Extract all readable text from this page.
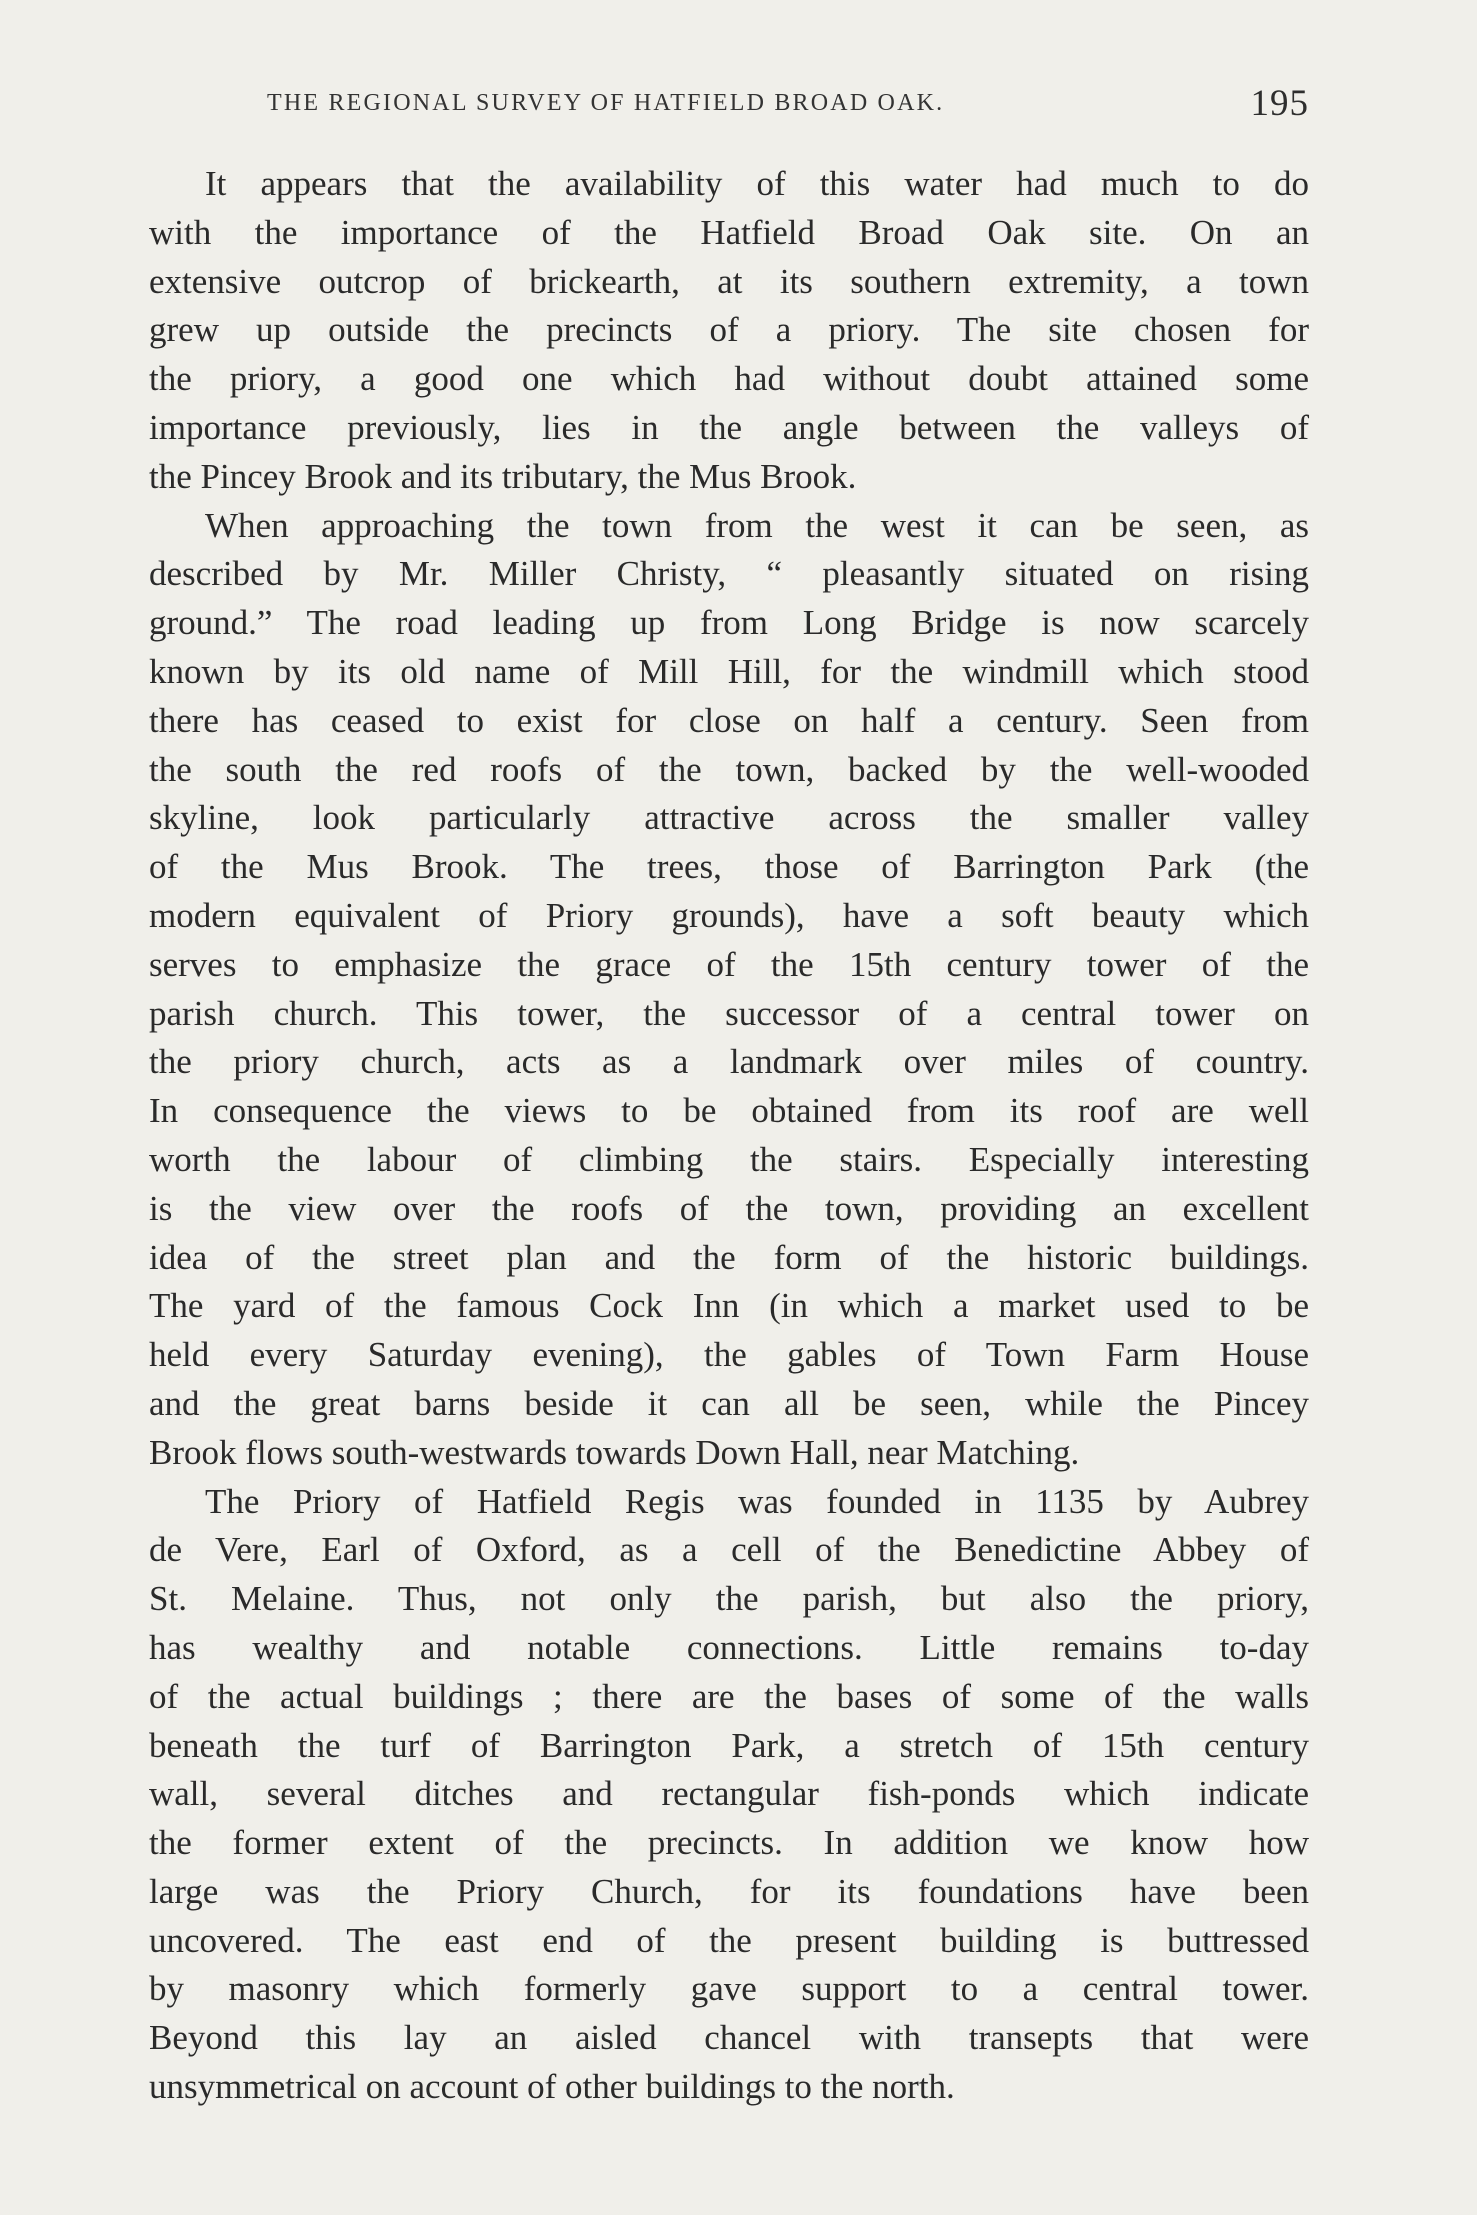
THE REGIONAL SURVEY OF HATFIELD BROAD OAK.	195
It appears that the availability of this water had much to do
with the importance of the Hatfield Broad Oak site. On an
extensive outcrop of brickearth, at its southern extremity, a town
grew up outside the precincts of a priory. The site chosen for
the priory, a good one which had without doubt attained some
importance previously, lies in the angle between the valleys of
the Pincey Brook and its tributary, the Mus Brook.
When approaching the town from the west it can be seen, as
described by Mr. Miller Christy, “ pleasantly situated on rising
ground.” The road leading up from Long Bridge is now scarcely
known by its old name of Mill Hill, for the windmill which stood
there has ceased to exist for close on half a century. Seen from
the south the red roofs of the town, backed by the well-wooded
skyline, look particularly attractive across the smaller valley
of the Mus Brook. The trees, those of Barrington Park (the
modern equivalent of Priory grounds), have a soft beauty which
serves to emphasize the grace of the 15th century tower of the
parish church. This tower, the successor of a central tower on
the priory church, acts as a landmark over miles of country.
In consequence the views to be obtained from its roof are well
worth the labour of climbing the stairs. Especially interesting
is the view over the roofs of the town, providing an excellent
idea of the street plan and the form of the historic buildings.
The yard of the famous Cock Inn (in which a market used to be
held every Saturday evening), the gables of Town Farm House
and the great barns beside it can all be seen, while the Pincey
Brook flows south-westwards towards Down Hall, near Matching.
The Priory of Hatfield Regis was founded in 1135 by Aubrey
de Vere, Earl of Oxford, as a cell of the Benedictine Abbey of
St. Melaine. Thus, not only the parish, but also the priory,
has wealthy and notable connections. Little remains to-day
of the actual buildings ; there are the bases of some of the walls
beneath the turf of Barrington Park, a stretch of 15th century
wall, several ditches and rectangular fish-ponds which indicate
the former extent of the precincts. In addition we know how
large was the Priory Church, for its foundations have been
uncovered. The east end of the present building is buttressed
by masonry which formerly gave support to a central tower.
Beyond this lay an aisled chancel with transepts that were
unsymmetrical on account of other buildings to the north.
